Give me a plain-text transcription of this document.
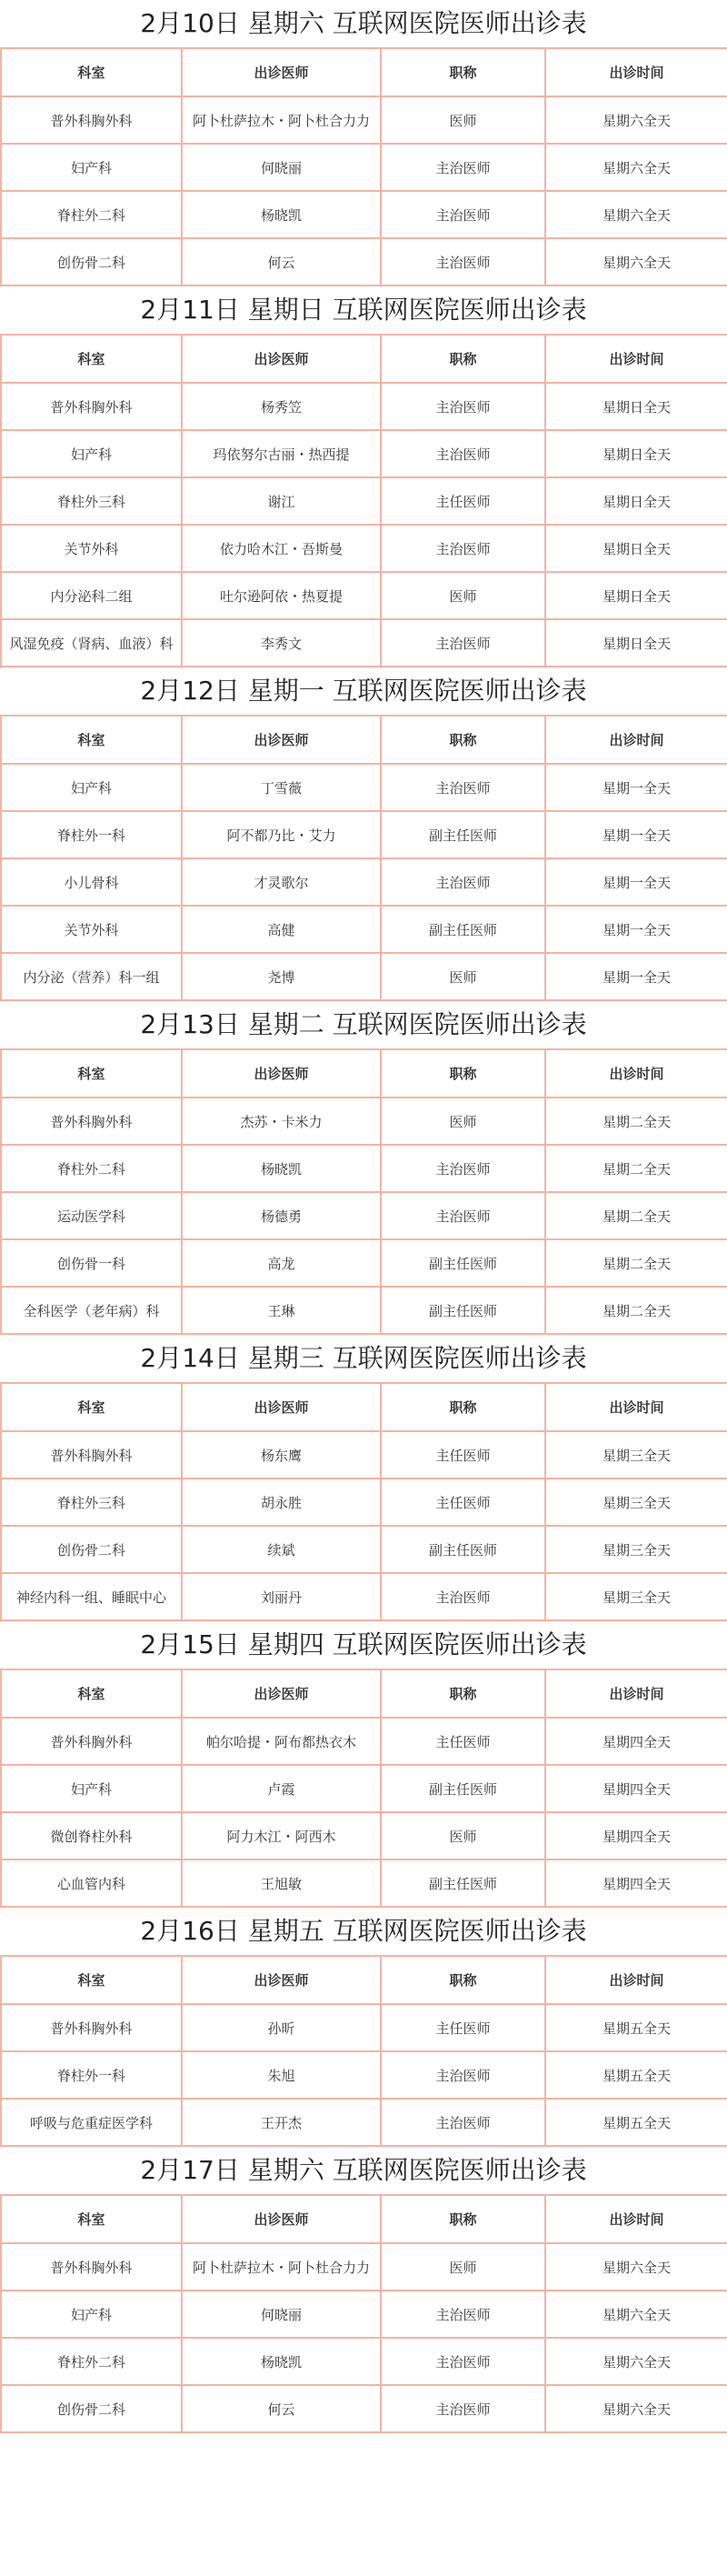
2月10日 星期六 互联网医院医师出诊表
科室	出诊医师	职称	出诊时间
普外科胸外科	阿卜杜萨拉木・阿卜杜合力力	医师	星期六全天
妇产科	何晓丽	主治医师	星期六全天
脊柱外二科	杨晓凯	主治医师	星期六全天
创伤骨二科	何云	主治医师	星期六全天
2月11日 星期日 互联网医院医师出诊表
科室	出诊医师	职称	出诊时间
普外科胸外科	杨秀笠	主治医师	星期日全天
妇产科	玛依努尔古丽・热西提	主治医师	星期日全天
脊柱外三科	谢江	主任医师	星期日全天
关节外科	依力哈木江・吾斯曼	主治医师	星期日全天
内分泌科二组	吐尔逊阿依・热夏提	医师	星期日全天
风湿免疫（肾病、血液）科	李秀文	主治医师	星期日全天
2月12日 星期一 互联网医院医师出诊表
科室	出诊医师	职称	出诊时间
妇产科	丁雪薇	主治医师	星期一全天
脊柱外一科	阿不都乃比・艾力	副主任医师	星期一全天
小儿骨科	才灵歌尔	主治医师	星期一全天
关节外科	高健	副主任医师	星期一全天
内分泌（营养）科一组	尧博	医师	星期一全天
2月13日 星期二 互联网医院医师出诊表
科室	出诊医师	职称	出诊时间
普外科胸外科	杰苏・卡米力	医师	星期二全天
脊柱外二科	杨晓凯	主治医师	星期二全天
运动医学科	杨德勇	主治医师	星期二全天
创伤骨一科	高龙	副主任医师	星期二全天
全科医学（老年病）科	王琳	副主任医师	星期二全天
2月14日 星期三 互联网医院医师出诊表
科室	出诊医师	职称	出诊时间
普外科胸外科	杨东鹰	主任医师	星期三全天
脊柱外三科	胡永胜	主任医师	星期三全天
创伤骨二科	续斌	副主任医师	星期三全天
神经内科一组、睡眠中心	刘丽丹	主治医师	星期三全天
2月15日 星期四 互联网医院医师出诊表
科室	出诊医师	职称	出诊时间
普外科胸外科	帕尔哈提・阿布都热衣木	主任医师	星期四全天
妇产科	卢霞	副主任医师	星期四全天
微创脊柱外科	阿力木江・阿西木	医师	星期四全天
心血管内科	王旭敏	副主任医师	星期四全天
2月16日 星期五 互联网医院医师出诊表
科室	出诊医师	职称	出诊时间
普外科胸外科	孙昕	主任医师	星期五全天
脊柱外一科	朱旭	主治医师	星期五全天
呼吸与危重症医学科	王开杰	主治医师	星期五全天
2月17日 星期六 互联网医院医师出诊表
科室	出诊医师	职称	出诊时间
普外科胸外科	阿卜杜萨拉木・阿卜杜合力力	医师	星期六全天
妇产科	何晓丽	主治医师	星期六全天
脊柱外二科	杨晓凯	主治医师	星期六全天
创伤骨二科	何云	主治医师	星期六全天
